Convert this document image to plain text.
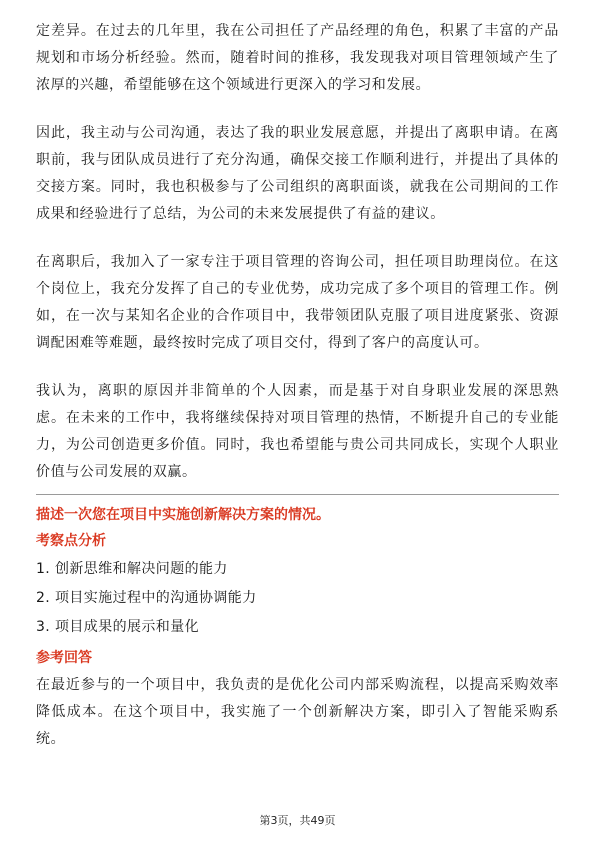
定差异。在过去的几年里，我在公司担任了产品经理的角色，积累了丰富的产品规划和市场分析经验。然而，随着时间的推移，我发现我对项目管理领域产生了浓厚的兴趣，希望能够在这个领域进行更深入的学习和发展。

因此，我主动与公司沟通，表达了我的职业发展意愿，并提出了离职申请。在离职前，我与团队成员进行了充分沟通，确保交接工作顺利进行，并提出了具体的交接方案。同时，我也积极参与了公司组织的离职面谈，就我在公司期间的工作成果和经验进行了总结，为公司的未来发展提供了有益的建议。

在离职后，我加入了一家专注于项目管理的咨询公司，担任项目助理岗位。在这个岗位上，我充分发挥了自己的专业优势，成功完成了多个项目的管理工作。例如，在一次与某知名企业的合作项目中，我带领团队克服了项目进度紧张、资源调配困难等难题，最终按时完成了项目交付，得到了客户的高度认可。

我认为，离职的原因并非简单的个人因素，而是基于对自身职业发展的深思熟虑。在未来的工作中，我将继续保持对项目管理的热情，不断提升自己的专业能力，为公司创造更多价值。同时，我也希望能与贵公司共同成长，实现个人职业价值与公司发展的双赢。

描述一次您在项目中实施创新解决方案的情况。
考察点分析
1. 创新思维和解决问题的能力
2. 项目实施过程中的沟通协调能力
3. 项目成果的展示和量化
参考回答

在最近参与的一个项目中，我负责的是优化公司内部采购流程，以提高采购效率降低成本。在这个项目中，我实施了一个创新解决方案，即引入了智能采购系统。

第3页，共49页
